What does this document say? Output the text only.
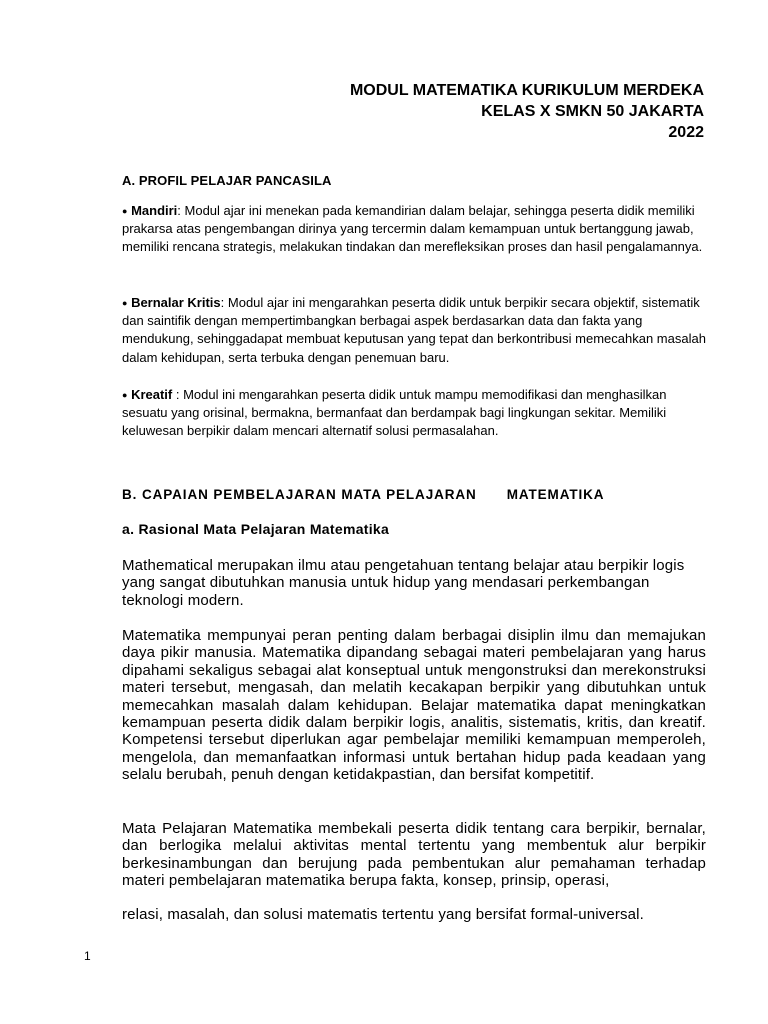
MODUL MATEMATIKA KURIKULUM MERDEKA
KELAS X SMKN 50 JAKARTA
2022
A. PROFIL PELAJAR PANCASILA
● Mandiri: Modul ajar ini menekan pada kemandirian dalam belajar, sehingga peserta didik memiliki prakarsa atas pengembangan dirinya yang tercermin dalam kemampuan untuk bertanggung jawab, memiliki rencana strategis, melakukan tindakan dan merefleksikan proses dan hasil pengalamannya.
● Bernalar Kritis: Modul ajar ini mengarahkan peserta didik untuk berpikir secara objektif, sistematik dan saintifik dengan mempertimbangkan berbagai aspek berdasarkan data dan fakta yang mendukung, sehinggadapat membuat keputusan yang tepat dan berkontribusi memecahkan masalah dalam kehidupan, serta terbuka dengan penemuan baru.
● Kreatif : Modul ini mengarahkan peserta didik untuk mampu memodifikasi dan menghasilkan sesuatu yang orisinal, bermakna, bermanfaat dan berdampak bagi lingkungan sekitar. Memiliki keluwesan berpikir dalam mencari alternatif solusi permasalahan.
B. CAPAIAN PEMBELAJARAN MATA PELAJARAN MATEMATIKA
a. Rasional Mata Pelajaran Matematika
Mathematical merupakan ilmu atau pengetahuan tentang belajar atau berpikir logis yang sangat dibutuhkan manusia untuk hidup yang mendasari perkembangan teknologi modern.
Matematika mempunyai peran penting dalam berbagai disiplin ilmu dan memajukan daya pikir manusia. Matematika dipandang sebagai materi pembelajaran yang harus dipahami sekaligus sebagai alat konseptual untuk mengonstruksi dan merekonstruksi materi tersebut, mengasah, dan melatih kecakapan berpikir yang dibutuhkan untuk memecahkan masalah dalam kehidupan. Belajar matematika dapat meningkatkan kemampuan peserta didik dalam berpikir logis, analitis, sistematis, kritis, dan kreatif. Kompetensi tersebut diperlukan agar pembelajar memiliki kemampuan memperoleh, mengelola, dan memanfaatkan informasi untuk bertahan hidup pada keadaan yang selalu berubah, penuh dengan ketidakpastian, dan bersifat kompetitif.
Mata Pelajaran Matematika membekali peserta didik tentang cara berpikir, bernalar, dan berlogika melalui aktivitas mental tertentu yang membentuk alur berpikir berkesinambungan dan berujung pada pembentukan alur pemahaman terhadap materi pembelajaran matematika berupa fakta, konsep, prinsip, operasi,
relasi, masalah, dan solusi matematis tertentu yang bersifat formal-universal.
1
